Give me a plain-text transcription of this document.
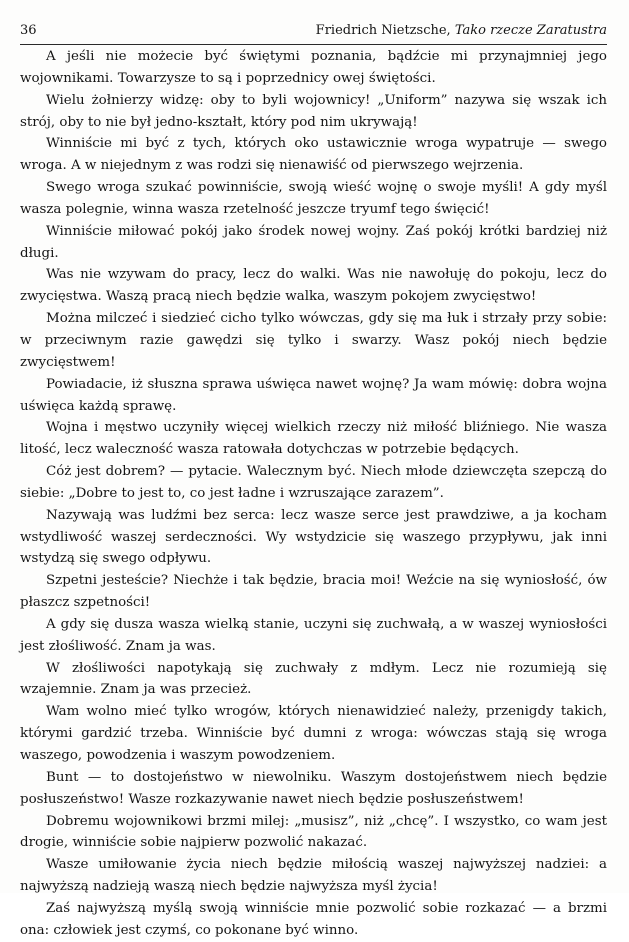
36	Friedrich Nietzsche, Tako rzecze Zaratustra

A jeśli nie możecie być świętymi poznania, bądźcie mi przynajmniej jego wojownikami. Towarzysze to są i poprzednicy owej świętości.

Wielu żołnierzy widzę: oby to byli wojownicy! „Uniform” nazywa się wszak ich strój, oby to nie był jedno-kształt, który pod nim ukrywają!

Winniście mi być z tych, których oko ustawicznie wroga wypatruje — swego wroga. A w niejednym z was rodzi się nienawiść od pierwszego wejrzenia.

Swego wroga szukać powinniście, swoją wieść wojnę o swoje myśli! A gdy myśl wasza polegnie, winna wasza rzetelność jeszcze tryumf tego święcić!

Winniście miłować pokój jako środek nowej wojny. Zaś pokój krótki bardziej niż długi.

Was nie wzywam do pracy, lecz do walki. Was nie nawołuję do pokoju, lecz do zwycięstwa. Waszą pracą niech będzie walka, waszym pokojem zwycięstwo!

Można milczeć i siedzieć cicho tylko wówczas, gdy się ma łuk i strzały przy sobie: w przeciwnym razie gawędzi się tylko i swarzy. Wasz pokój niech będzie zwycięstwem!

Powiadacie, iż słuszna sprawa uświęca nawet wojnę? Ja wam mówię: dobra wojna uświęca każdą sprawę.

Wojna i męstwo uczyniły więcej wielkich rzeczy niż miłość bliźniego. Nie wasza litość, lecz waleczność wasza ratowała dotychczas w potrzebie będących.

Cóż jest dobrem? — pytacie. Walecznym być. Niech młode dziewczęta szepczą do siebie: „Dobre to jest to, co jest ładne i wzruszające zarazem”.

Nazywają was ludźmi bez serca: lecz wasze serce jest prawdziwe, a ja kocham wstydliwość waszej serdeczności. Wy wstydzicie się waszego przypływu, jak inni wstydzą się swego odpływu.

Szpetni jesteście? Niechże i tak będzie, bracia moi! Weźcie na się wyniosłość, ów płaszcz szpetności!

A gdy się dusza wasza wielką stanie, uczyni się zuchwałą, a w waszej wyniosłości jest złośliwość. Znam ja was.

W złośliwości napotykają się zuchwały z mdłym. Lecz nie rozumieją się wzajemnie. Znam ja was przecież.

Wam wolno mieć tylko wrogów, których nienawidzieć należy, przenigdy takich, którymi gardzić trzeba. Winniście być dumni z wroga: wówczas stają się wroga waszego, powodzenia i waszym powodzeniem.

Bunt — to dostojeństwo w niewolniku. Waszym dostojeństwem niech będzie posłuszeństwo! Wasze rozkazywanie nawet niech będzie posłuszeństwem!

Dobremu wojownikowi brzmi milej: „musisz”, niż „chcę”. I wszystko, co wam jest drogie, winniście sobie najpierw pozwolić nakazać.

Wasze umiłowanie życia niech będzie miłością waszej najwyższej nadziei: a najwyższą nadzieją waszą niech będzie najwyższa myśl życia!

Zaś najwyższą myślą swoją winniście mnie pozwolić sobie rozkazać — a brzmi ona: człowiek jest czymś, co pokonane być winno.
